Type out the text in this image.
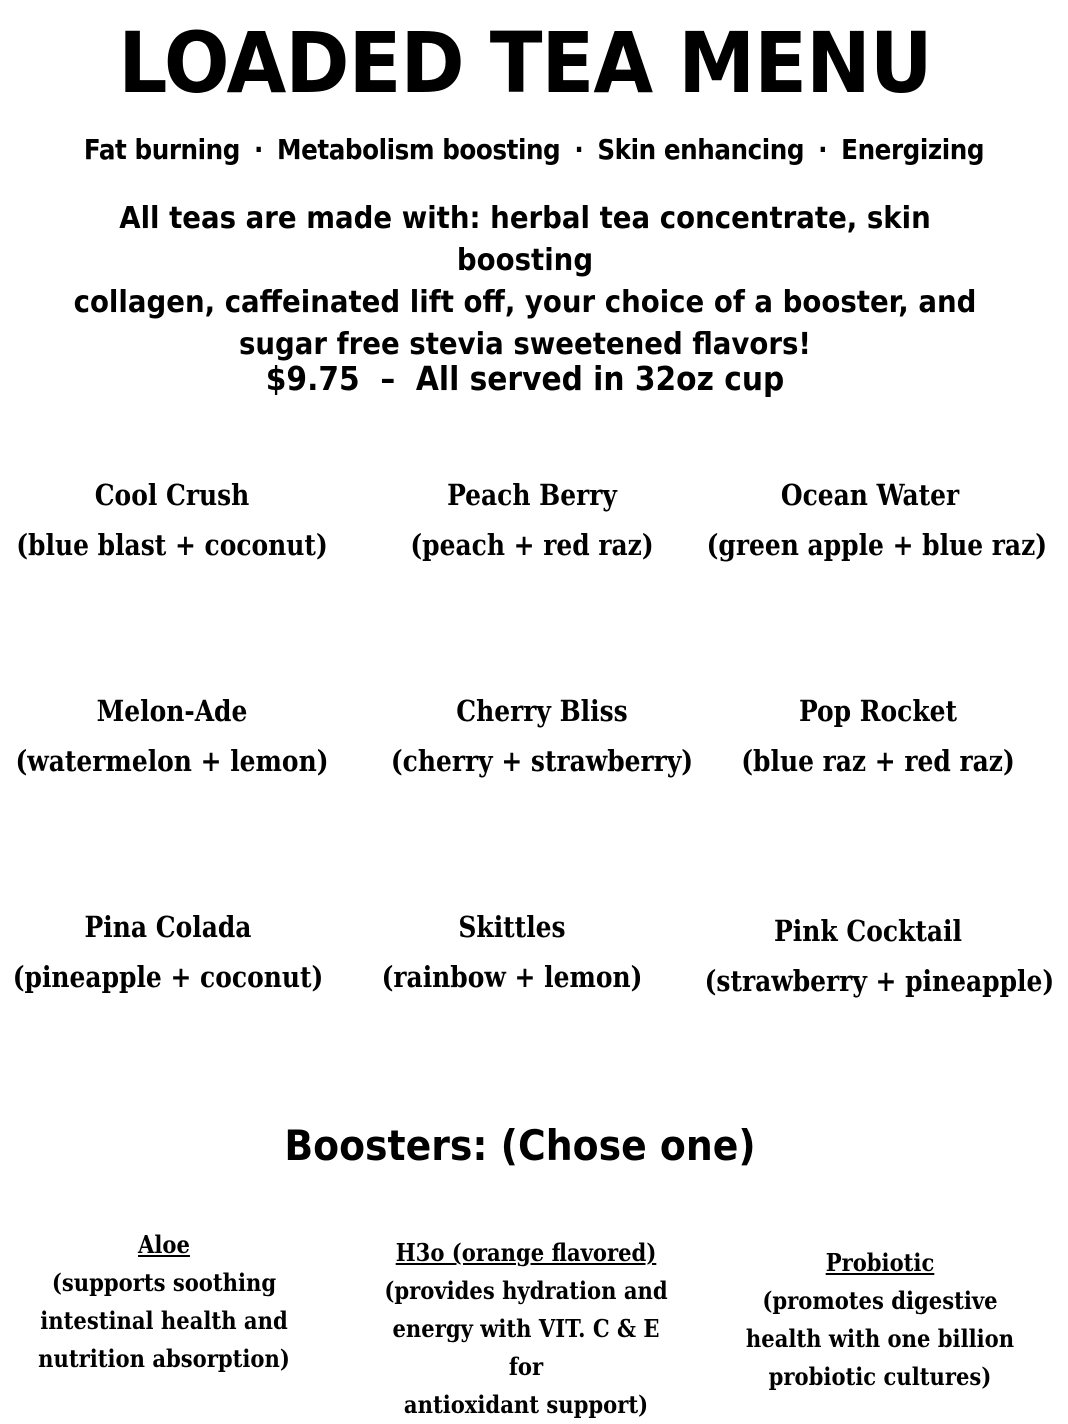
LOADED TEA MENU
Fat burning · Metabolism boosting · Skin enhancing · Energizing
All teas are made with: herbal tea concentrate, skin boosting
collagen, caffeinated lift off, your choice of a booster, and
sugar free stevia sweetened flavors!
$9.75  –  All served in 32oz cup
Cool Crush
(blue blast + coconut)
Peach Berry
(peach + red raz)
Ocean Water
(green apple + blue raz)
Melon-Ade
(watermelon + lemon)
Cherry Bliss
(cherry + strawberry)
Pop Rocket
(blue raz + red raz)
Pina Colada
(pineapple + coconut)
Skittles
(rainbow + lemon)
Pink Cocktail
(strawberry + pineapple)
Boosters: (Chose one)
Aloe
(supports soothing
intestinal health and
nutrition absorption)
H3o (orange flavored)
(provides hydration and
energy with VIT. C & E for
antioxidant support)
Probiotic
(promotes digestive
health with one billion
probiotic cultures)
